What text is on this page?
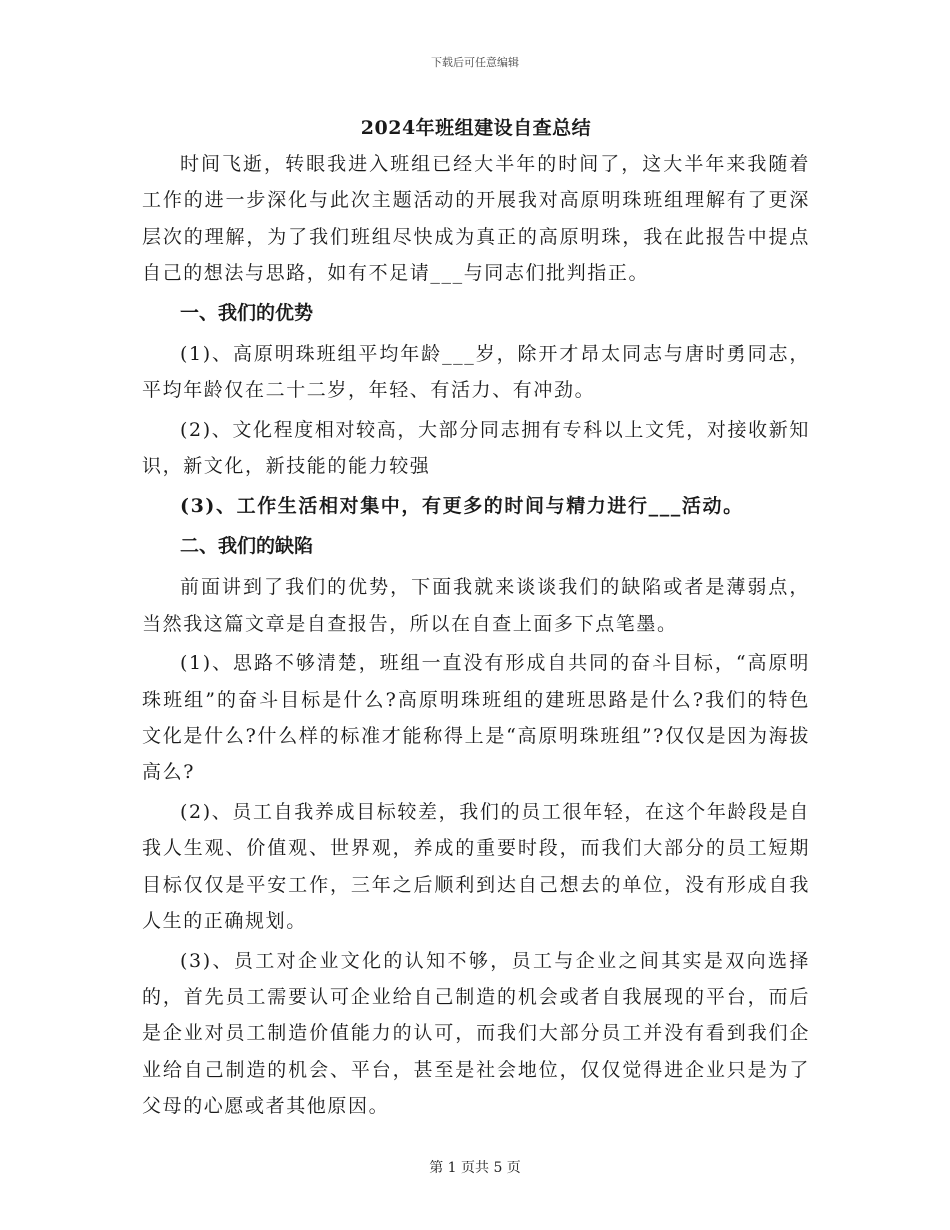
下载后可任意编辑
2024年班组建设自查总结

时间飞逝，转眼我进入班组已经大半年的时间了，这大半年来我随着工作的进一步深化与此次主题活动的开展我对高原明珠班组理解有了更深层次的理解，为了我们班组尽快成为真正的高原明珠，我在此报告中提点自己的想法与思路，如有不足请___与同志们批判指正。

一、我们的优势

(1)、高原明珠班组平均年龄___岁，除开才昂太同志与唐时勇同志，平均年龄仅在二十二岁，年轻、有活力、有冲劲。

(2)、文化程度相对较高，大部分同志拥有专科以上文凭，对接收新知识，新文化，新技能的能力较强

(3)、工作生活相对集中，有更多的时间与精力进行___活动。

二、我们的缺陷

前面讲到了我们的优势，下面我就来谈谈我们的缺陷或者是薄弱点，当然我这篇文章是自查报告，所以在自查上面多下点笔墨。

(1)、思路不够清楚，班组一直没有形成自共同的奋斗目标，“高原明珠班组”的奋斗目标是什么?高原明珠班组的建班思路是什么?我们的特色文化是什么?什么样的标准才能称得上是“高原明珠班组”?仅仅是因为海拔高么?

(2)、员工自我养成目标较差，我们的员工很年轻，在这个年龄段是自我人生观、价值观、世界观，养成的重要时段，而我们大部分的员工短期目标仅仅是平安工作，三年之后顺利到达自己想去的单位，没有形成自我人生的正确规划。

(3)、员工对企业文化的认知不够，员工与企业之间其实是双向选择的，首先员工需要认可企业给自己制造的机会或者自我展现的平台，而后是企业对员工制造价值能力的认可，而我们大部分员工并没有看到我们企业给自己制造的机会、平台，甚至是社会地位，仅仅觉得进企业只是为了父母的心愿或者其他原因。

第 1 页共 5 页
